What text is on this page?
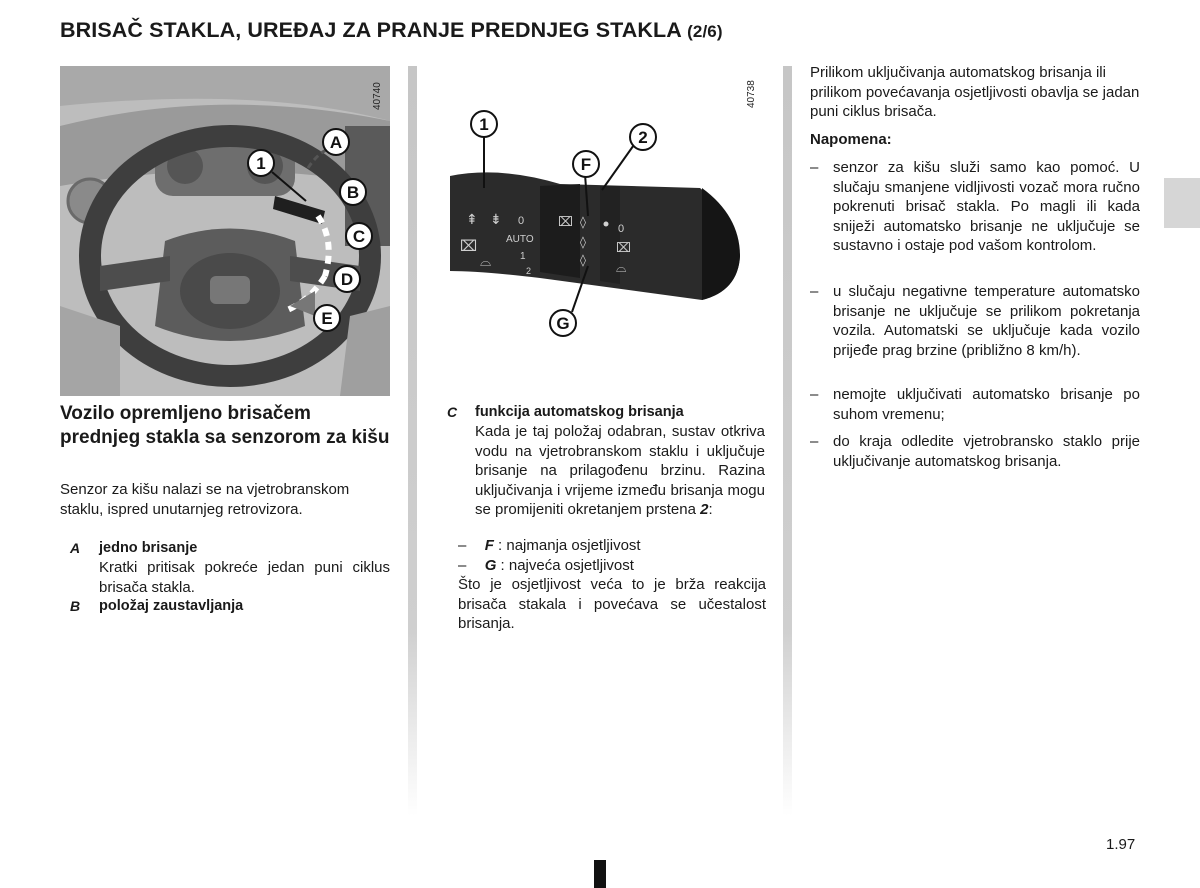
BRISAČ STAKLA, UREĐAJ ZA PRANJE PREDNJEG STAKLA (2/6)
40740
1
A
B
C
D
E
40738
⇞ ⇟
⌧
0
AUTO
1
2
⌓
⌧ ◊
◊
◊
0
⌧
⌓
1
2
F
G
Vozilo opremljeno brisačem prednjeg stakla sa senzorom za kišu
Senzor za kišu nalazi se na vjetrobranskom staklu, ispred unutarnjeg retrovizora.
A jedno brisanje
Kratki pritisak pokreće jedan puni ciklus brisača stakla.
B položaj zaustavljanja
C funkcija automatskog brisanja
Kada je taj položaj odabran, sustav otkriva vodu na vjetrobranskom staklu i uključuje brisanje na prilagođenu brzinu. Razina uključivanja i vrijeme između brisanja mogu se promijeniti okretanjem prstena 2:
– F : najmanja osjetljivost
– G : najveća osjetljivost
Što je osjetljivost veća to je brža reakcija brisača stakala i povećava se učestalost brisanja.
Prilikom uključivanja automatskog brisanja ili prilikom povećavanja osjetljivosti obavlja se jadan puni ciklus brisača.
Napomena:
– senzor za kišu služi samo kao pomoć. U slučaju smanjene vidljivosti vozač mora ručno pokrenuti brisač stakla. Po magli ili kada sniježi automatsko brisanje ne uključuje se sustavno i ostaje pod vašom kontrolom.
– u slučaju negativne temperature automatsko brisanje ne uključuje se prilikom pokretanja vozila. Automatski se uključuje kada vozilo prijeđe prag brzine (približno 8 km/h).
– nemojte uključivati automatsko brisanje po suhom vremenu;
– do kraja odledite vjetrobransko staklo prije uključivanje automatskog brisanja.
1.97
